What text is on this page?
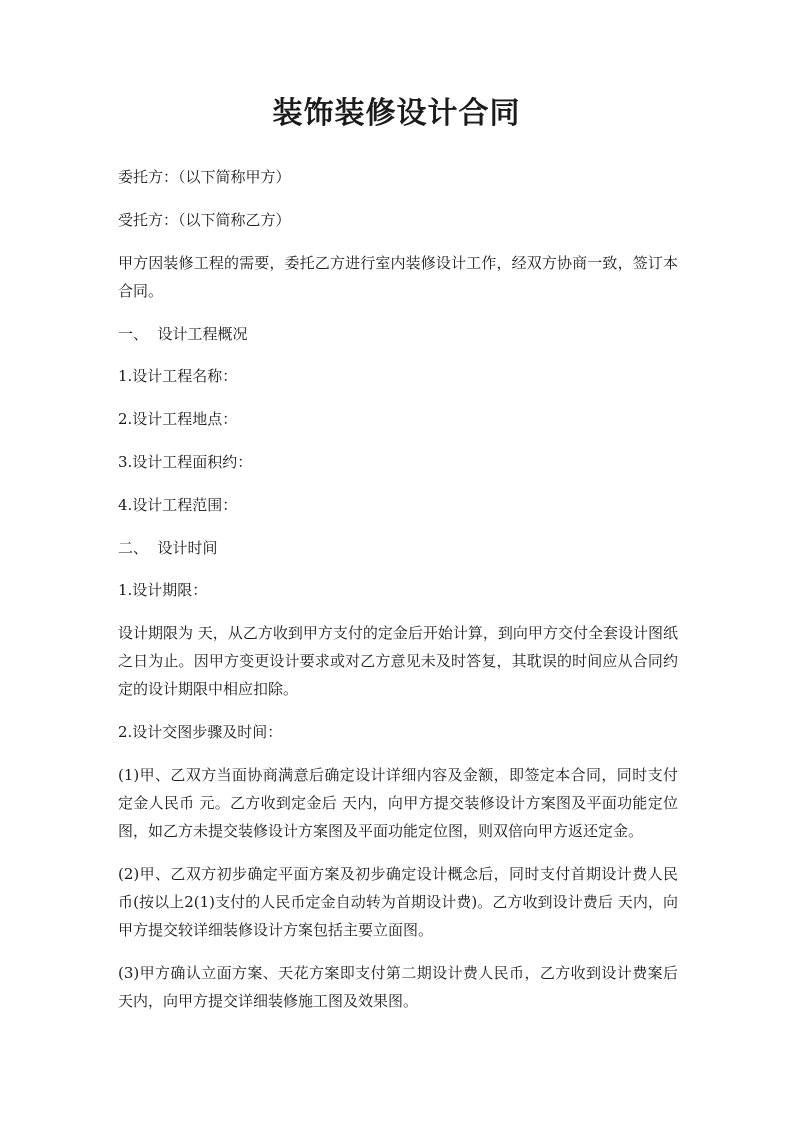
装饰装修设计合同

委托方：（以下简称甲方）

受托方：（以下简称乙方）

甲方因装修工程的需要，委托乙方进行室内装修设计工作，经双方协商一致，签订本合同。

一、  设计工程概况

1.设计工程名称：

2.设计工程地点：

3.设计工程面积约：

4.设计工程范围：

二、  设计时间

1.设计期限：

设计期限为 天，从乙方收到甲方支付的定金后开始计算，到向甲方交付全套设计图纸之日为止。因甲方变更设计要求或对乙方意见未及时答复，其耽误的时间应从合同约定的设计期限中相应扣除。

2.设计交图步骤及时间：

(1)甲、乙双方当面协商满意后确定设计详细内容及金额，即签定本合同，同时支付定金人民币 元。乙方收到定金后 天内，向甲方提交装修设计方案图及平面功能定位图，如乙方未提交装修设计方案图及平面功能定位图，则双倍向甲方返还定金。

(2)甲、乙双方初步确定平面方案及初步确定设计概念后，同时支付首期设计费人民币(按以上2(1)支付的人民币定金自动转为首期设计费)。乙方收到设计费后 天内，向甲方提交较详细装修设计方案包括主要立面图。

(3)甲方确认立面方案、天花方案即支付第二期设计费人民币，乙方收到设计费案后天内，向甲方提交详细装修施工图及效果图。
